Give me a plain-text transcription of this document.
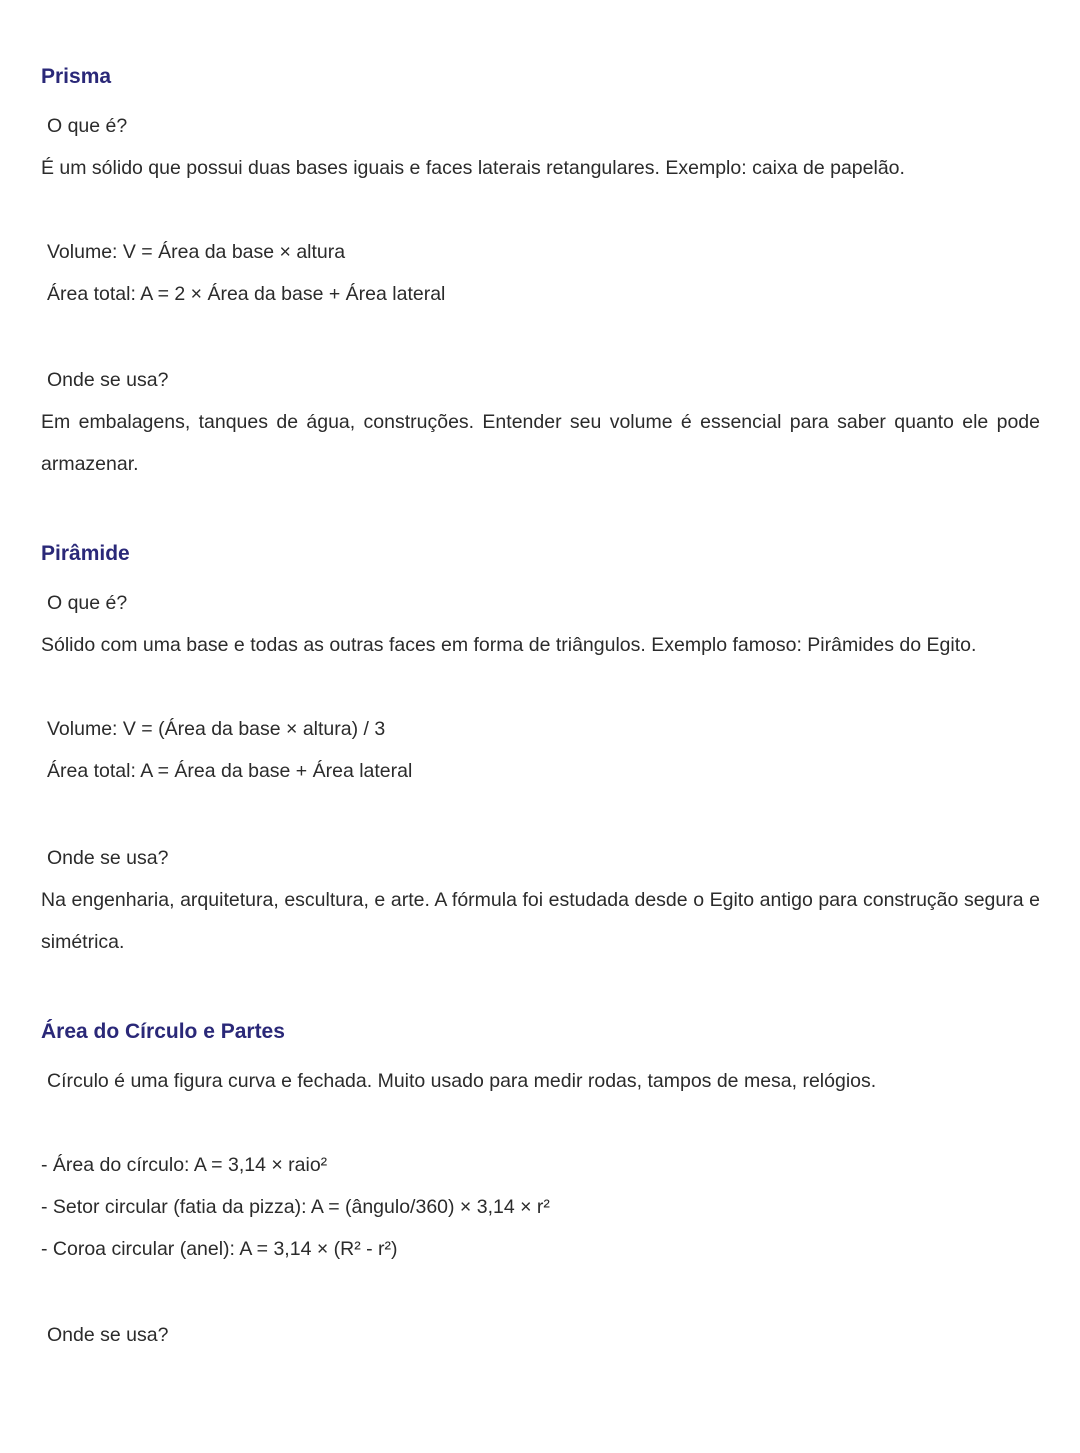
Prisma

O que é?

É um sólido que possui duas bases iguais e faces laterais retangulares. Exemplo: caixa de papelão.

Volume: V = Área da base × altura

Área total: A = 2 × Área da base + Área lateral

Onde se usa?

Em embalagens, tanques de água, construções. Entender seu volume é essencial para saber quanto ele pode armazenar.

Pirâmide

O que é?

Sólido com uma base e todas as outras faces em forma de triângulos. Exemplo famoso: Pirâmides do Egito.

Volume: V = (Área da base × altura) / 3

Área total: A = Área da base + Área lateral

Onde se usa?

Na engenharia, arquitetura, escultura, e arte. A fórmula foi estudada desde o Egito antigo para construção segura e simétrica.

Área do Círculo e Partes

Círculo é uma figura curva e fechada. Muito usado para medir rodas, tampos de mesa, relógios.

- Área do círculo: A = 3,14 × raio²

- Setor circular (fatia da pizza): A = (ângulo/360) × 3,14 × r²

- Coroa circular (anel): A = 3,14 × (R² - r²)

Onde se usa?
